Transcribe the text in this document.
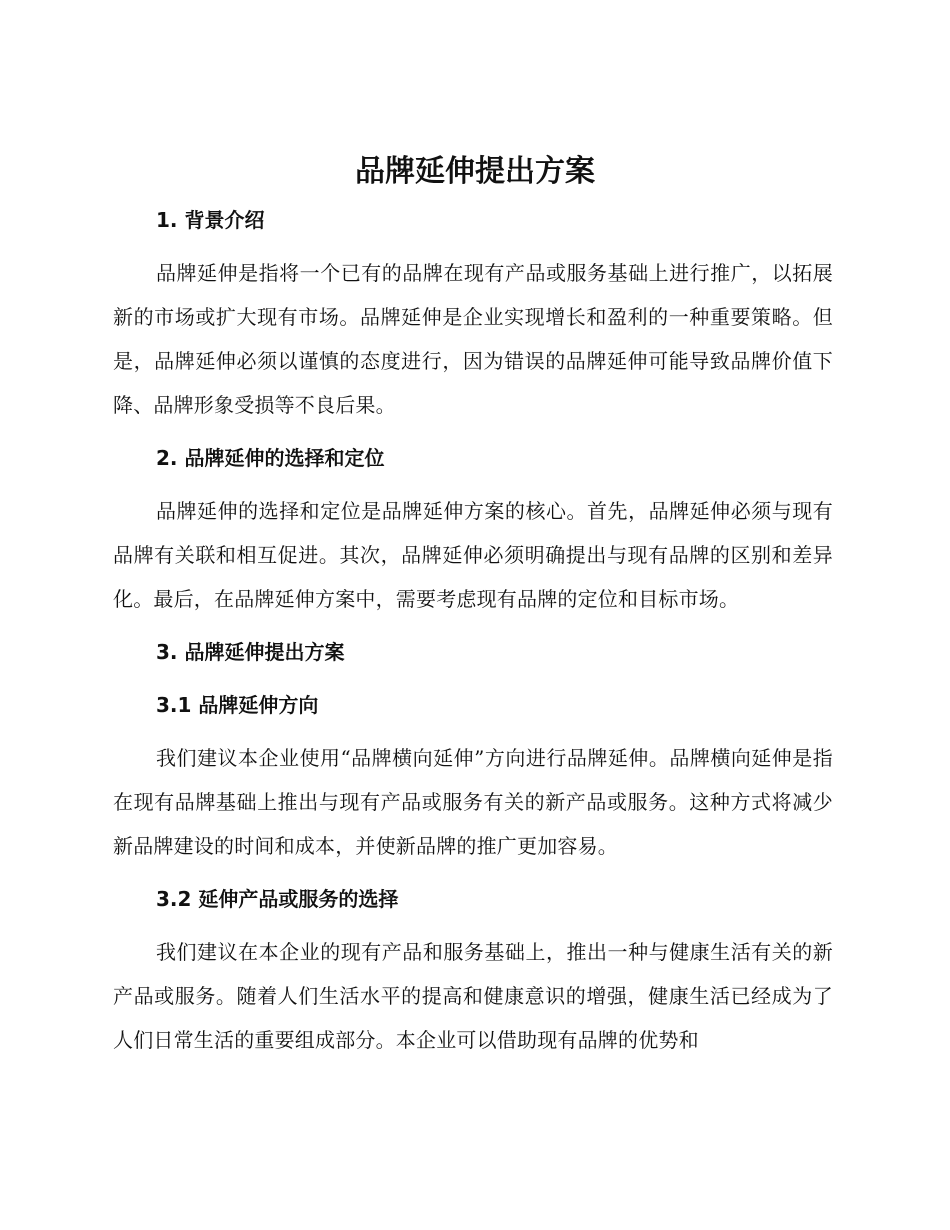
品牌延伸提出方案
1. 背景介绍

品牌延伸是指将一个已有的品牌在现有产品或服务基础上进行推广，以拓展新的市场或扩大现有市场。品牌延伸是企业实现增长和盈利的一种重要策略。但是，品牌延伸必须以谨慎的态度进行，因为错误的品牌延伸可能导致品牌价值下降、品牌形象受损等不良后果。

2. 品牌延伸的选择和定位

品牌延伸的选择和定位是品牌延伸方案的核心。首先，品牌延伸必须与现有品牌有关联和相互促进。其次，品牌延伸必须明确提出与现有品牌的区别和差异化。最后，在品牌延伸方案中，需要考虑现有品牌的定位和目标市场。

3. 品牌延伸提出方案
3.1 品牌延伸方向

我们建议本企业使用“品牌横向延伸”方向进行品牌延伸。品牌横向延伸是指在现有品牌基础上推出与现有产品或服务有关的新产品或服务。这种方式将减少新品牌建设的时间和成本，并使新品牌的推广更加容易。

3.2 延伸产品或服务的选择

我们建议在本企业的现有产品和服务基础上，推出一种与健康生活有关的新产品或服务。随着人们生活水平的提高和健康意识的增强，健康生活已经成为了人们日常生活的重要组成部分。本企业可以借助现有品牌的优势和
